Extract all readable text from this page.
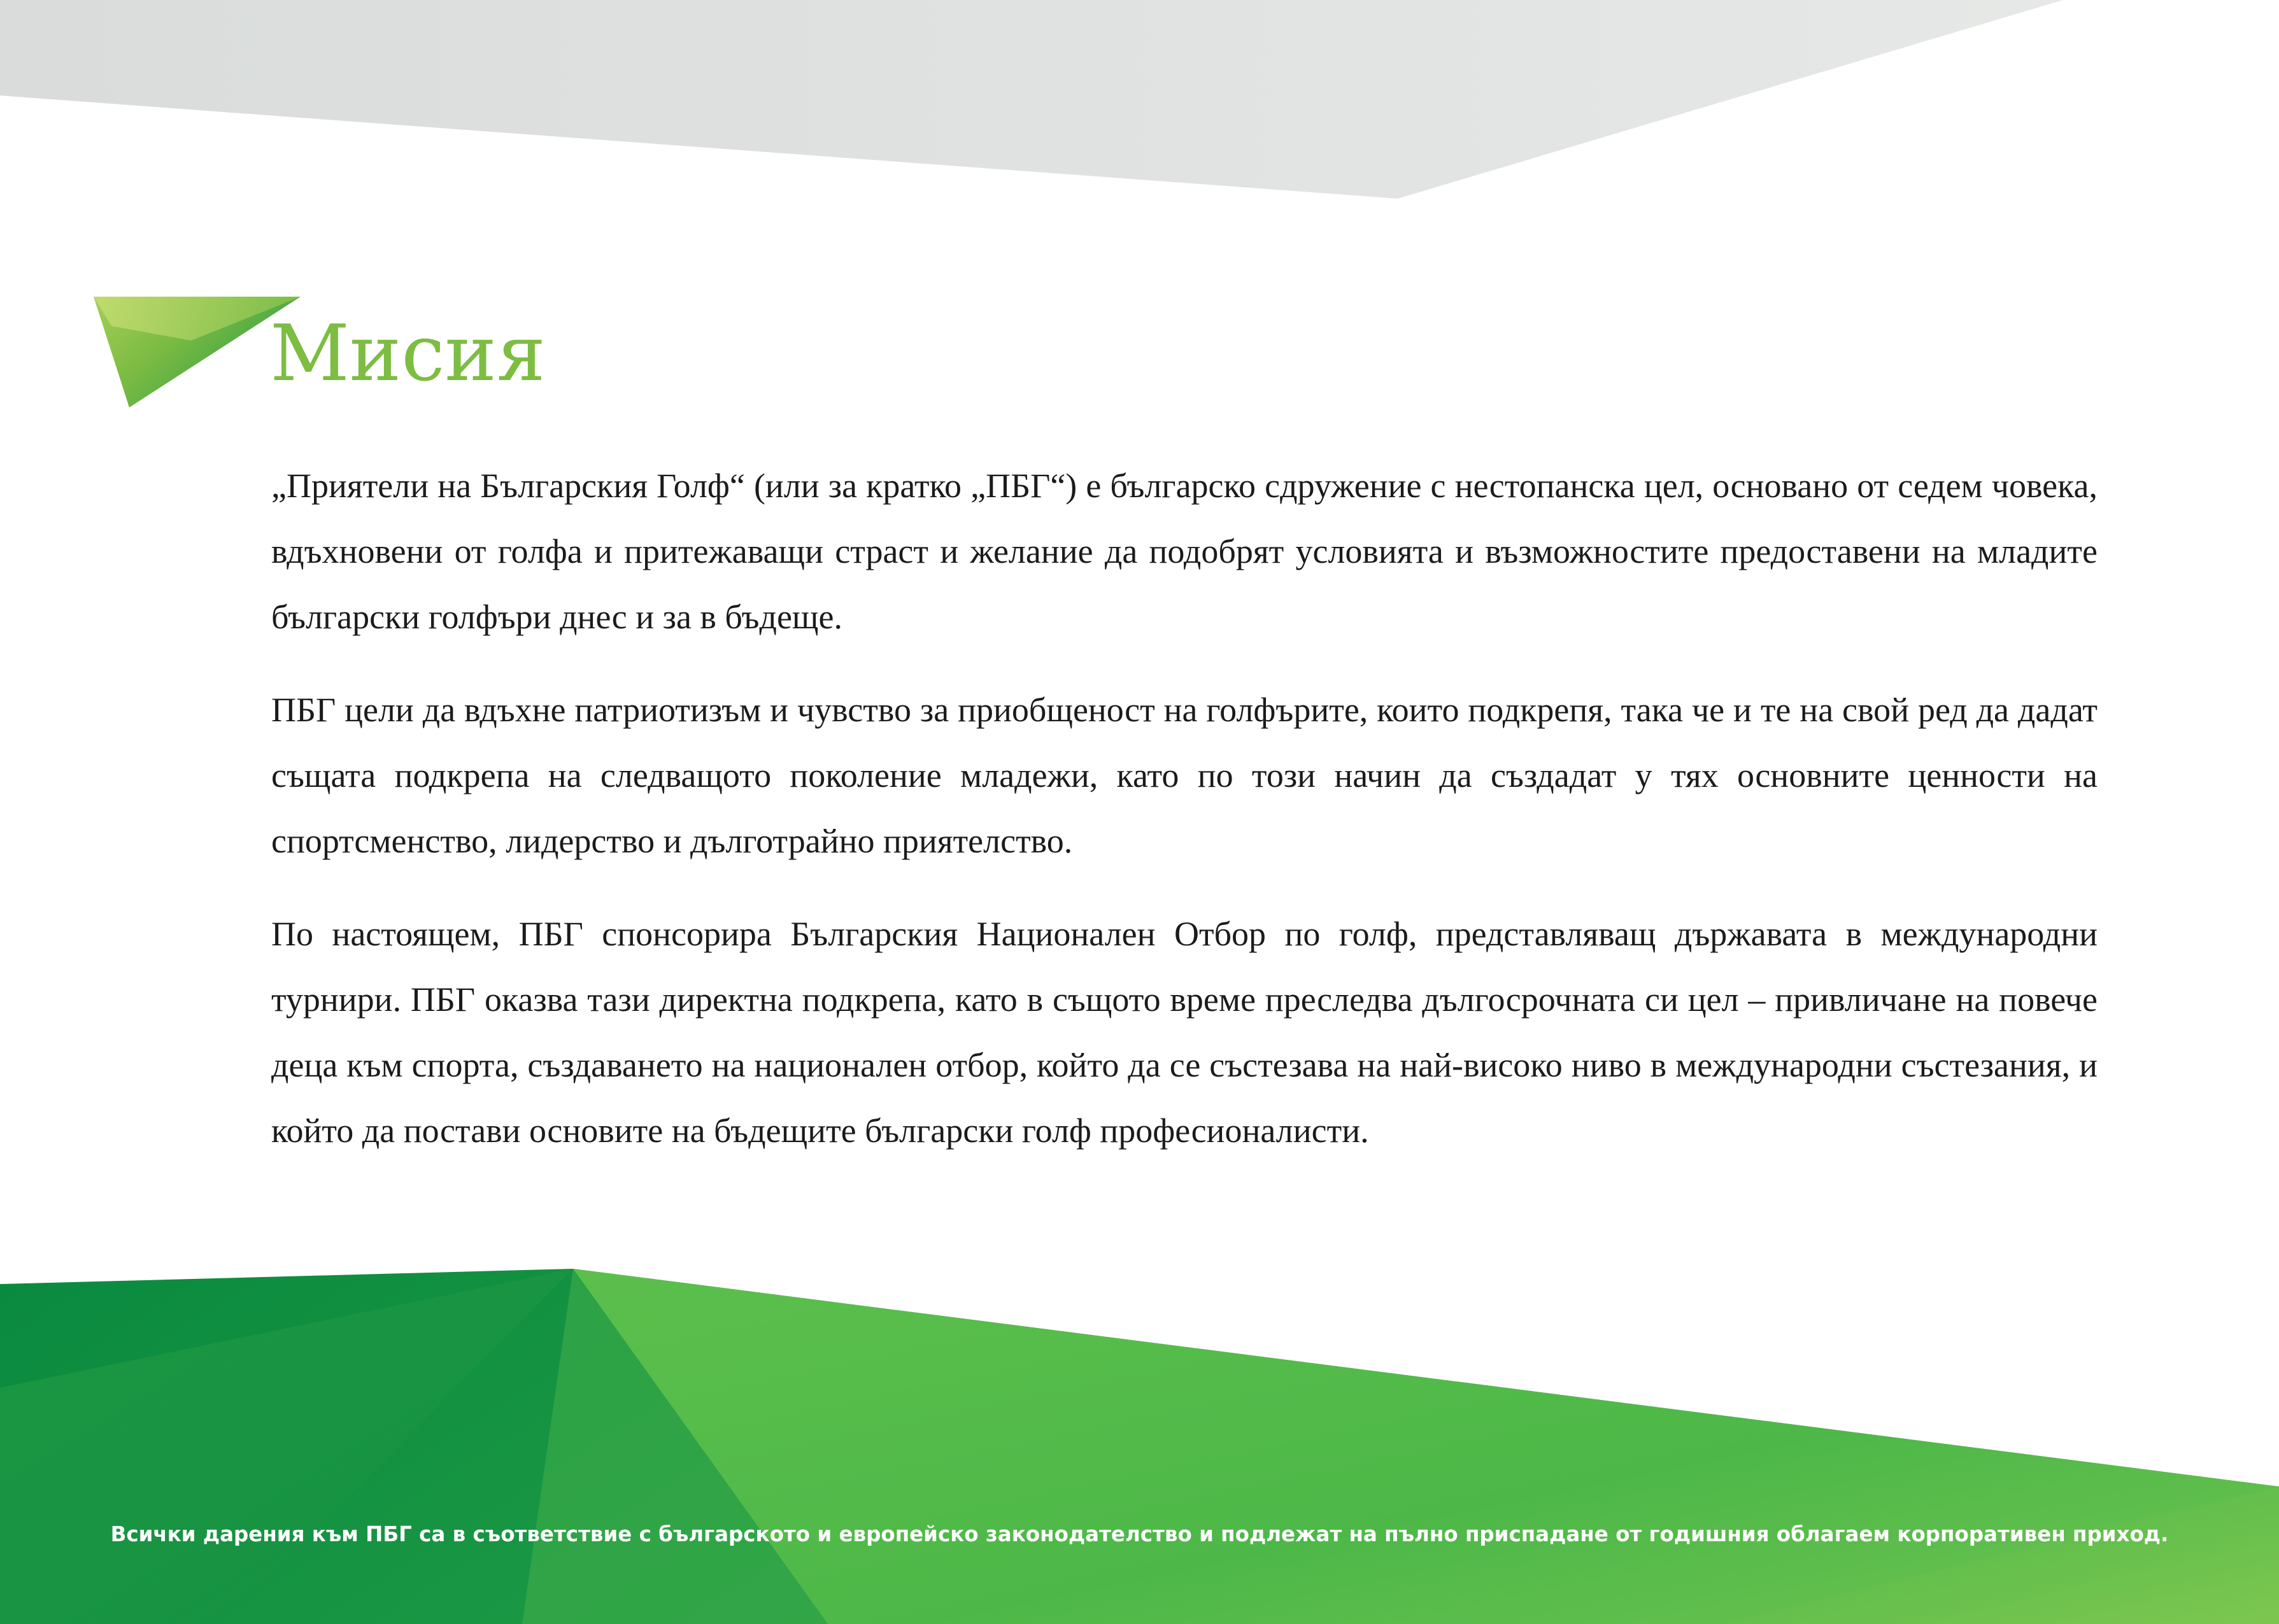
Мисия

„Приятели на Българския Голф“ (или за кратко „ПБГ“) е българско сдружение с нестопанска цел, основано от седем човека, вдъхновени от голфа и притежаващи страст и желание да подобрят условията и възможностите предоставени на младите български голфъри днес и за в бъдеще.

ПБГ цели да вдъхне патриотизъм и чувство за приобщеност на голфърите, които подкрепя, така че и те на свой ред да дадат същата подкрепа на следващото поколение младежи, като по този начин да създадат у тях основните ценности на спортсменство, лидерство и дълготрайно приятелство.

По настоящем, ПБГ спонсорира Българския Национален Отбор по голф, представляващ държавата в международни турнири. ПБГ оказва тази директна подкрепа, като в същото време преследва дългосрочната си цел – привличане на повече деца към спорта, създаването на национален отбор, който да се състезава на най-високо ниво в международни състезания, и който да постави основите на бъдещите български голф професионалисти.

Всички дарения към ПБГ са в съответствие с българското и европейско законодателство и подлежат на пълно приспадане от годишния облагаем корпоративен приход.
